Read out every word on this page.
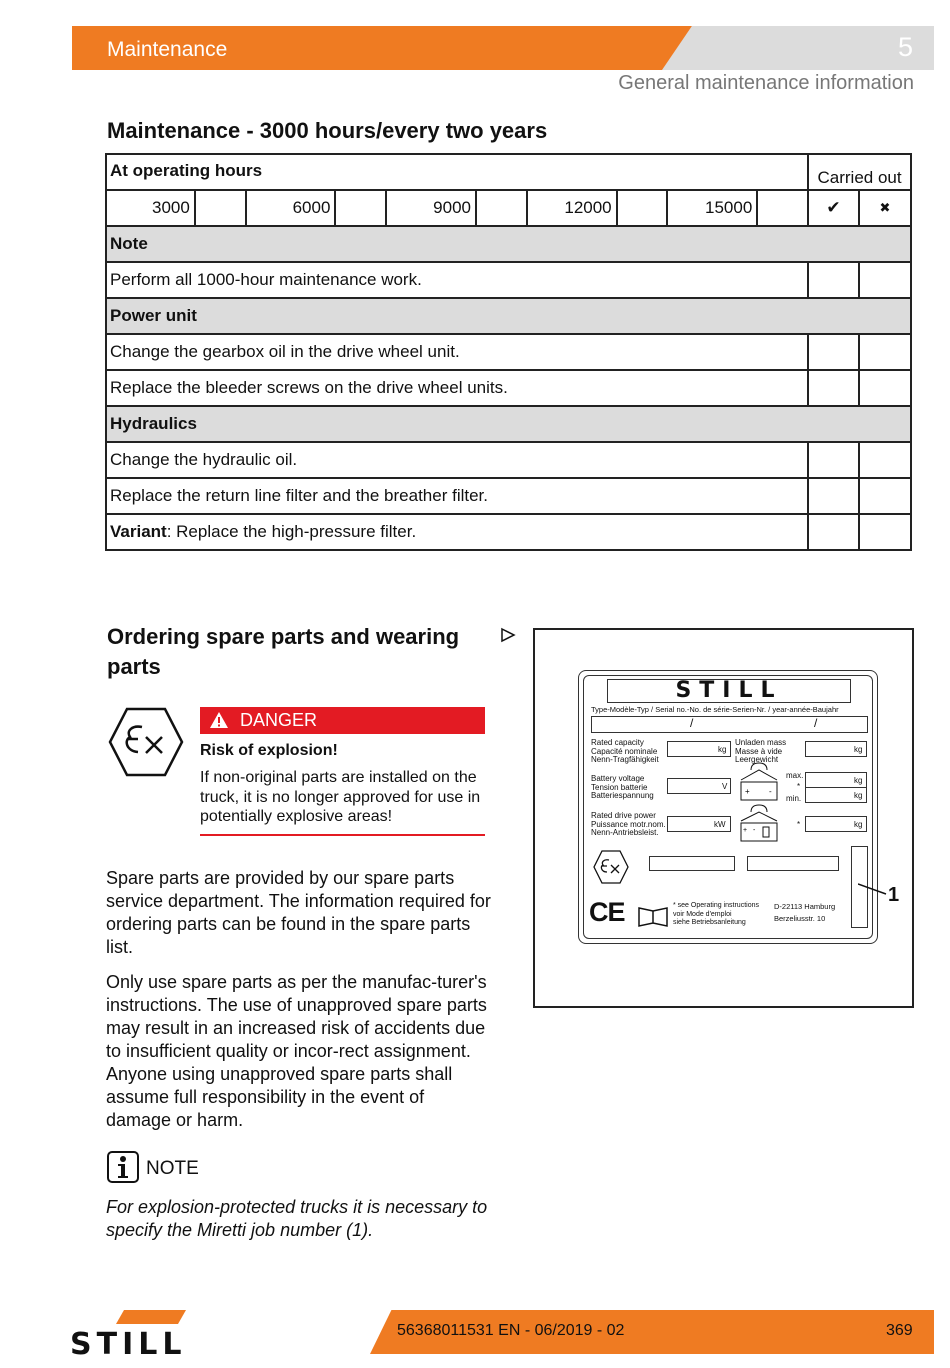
Maintenance	5
General maintenance information
Maintenance - 3000 hours/every two years
At operating hours										Carried out	
3000		6000		9000		12000		15000		✔	✖
Note											
Perform all 1000-hour maintenance work.											
Power unit											
Change the gearbox oil in the drive wheel unit.											
Replace the bleeder screws on the drive wheel units.											
Hydraulics											
Change the hydraulic oil.											
Replace the return line filter and the breather filter.											
Variant: Replace the high-pressure filter.											
Ordering spare parts and wearing parts
DANGER
Risk of explosion!
If non-original parts are installed on the truck, it is no longer approved for use in potentially explosive areas!
Spare parts are provided by our spare parts service department. The information required for ordering parts can be found in the spare parts list.
Only use spare parts as per the manufac-turer's instructions. The use of unapproved spare parts may result in an increased risk of accidents due to insufficient quality or incor-rect assignment. Anyone using unapproved spare parts shall assume full responsibility in the event of damage or harm.
NOTE
For explosion-protected trucks it is necessary to specify the Miretti job number (1).
STILL
Type-Modèle-Typ / Serial no.-No. de série-Serien-Nr. / year-année-Baujahr
/	/
Rated capacity
Capacité nominale
Nenn-Tragfähigkeit
kg
Unladen mass
Masse à vide
Leergewicht
kg
Battery voltage
Tension batterie
Batteriespannung
V
+ -
max.
*
min.
kg
kg
Rated drive power
Puissance motr.nom.
Nenn-Antriebsleist.
kW
+ -
*	kg
CE	* see Operating instructions
voir Mode d'emploi
siehe Betriebsanleitung
D-22113 Hamburg
Berzeliusstr. 10
1
STILL	56368011531 EN - 06/2019 - 02	369
